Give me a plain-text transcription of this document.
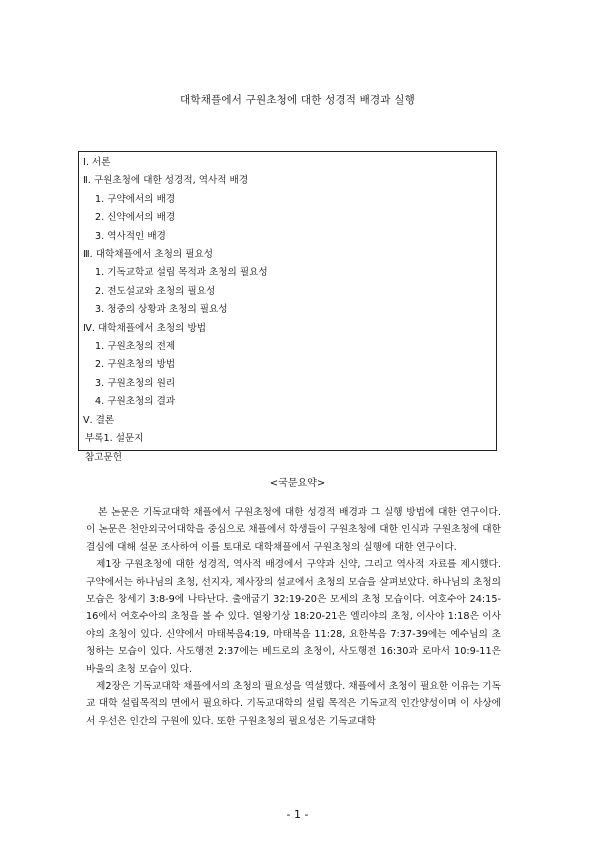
대학채플에서 구원초청에 대한 성경적 배경과 실행
Ⅰ. 서론
Ⅱ. 구원초청에 대한 성경적, 역사적 배경
1. 구약에서의 배경
2. 신약에서의 배경
3. 역사적인 배경
Ⅲ. 대학채플에서 초청의 필요성
1. 기독교학교 설립 목적과 초청의 필요성
2. 전도설교와 초청의 필요성
3. 청중의 상황과 초청의 필요성
Ⅳ. 대학채플에서 초청의 방법
1. 구원초청의 전제
2. 구원초청의 방법
3. 구원초청의 원리
4. 구원초청의 결과
Ⅴ. 결론
부록1. 설문지
참고문헌
<국문요약>

본 논문은 기독교대학 채플에서 구원초청에 대한 성경적 배경과 그 실행 방법에 대한 연구이다. 이 논문은 천안외국어대학을 중심으로 채플에서 학생들이 구원초청에 대한 인식과 구원초청에 대한 결심에 대해 설문 조사하여 이를 토대로 대학채플에서 구원초청의 실행에 대한 연구이다.

제1장 구원초청에 대한 성경적, 역사적 배경에서 구약과 신약, 그리고 역사적 자료를 제시했다. 구약에서는 하나님의 초청, 선지자, 제사장의 설교에서 초청의 모습을 살펴보았다. 하나님의 초청의 모습은 창세기 3:8-9에 나타난다. 출애굽기 32:19-20은 모세의 초청 모습이다. 여호수아 24:15-16에서 여호수아의 초청을 볼 수 있다. 열왕기상 18:20-21은 엘리야의 초청, 이사야 1:18은 이사야의 초청이 있다. 신약에서 마태복음4:19, 마태복음 11:28, 요한복음 7:37-39에는 예수님의 초청하는 모습이 있다. 사도행전 2:37에는 베드로의 초청이, 사도행전 16:30과 로마서 10:9-11은 바울의 초청 모습이 있다.

제2장은 기독교대학 채플에서의 초청의 필요성을 역설했다. 채플에서 초청이 필요한 이유는 기독교 대학 설립목적의 면에서 필요하다. 기독교대학의 설립 목적은 기독교적 인간양성이며 이 사상에서 우선은 인간의 구원에 있다. 또한 구원초청의 필요성은 기독교대학

- 1 -
